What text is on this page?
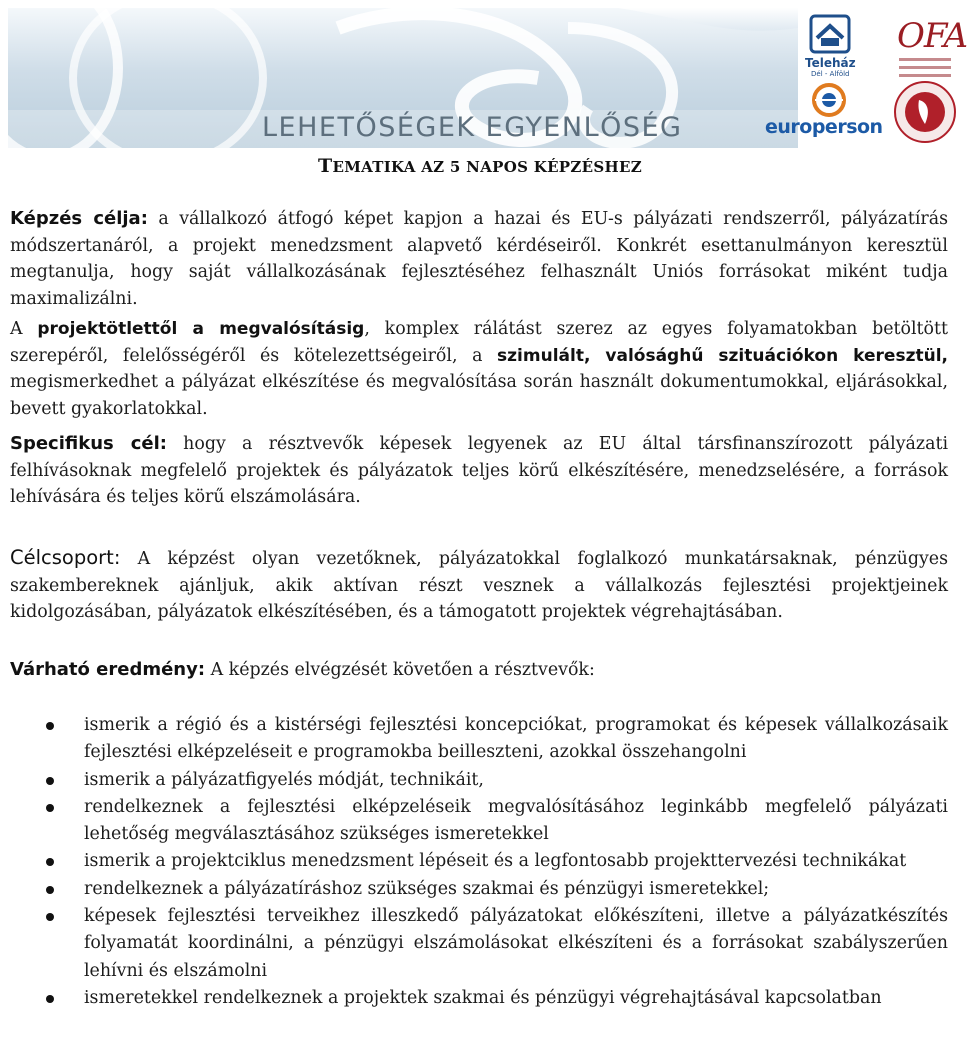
LEHETŐSÉGEK EGYENLŐSÉG
Teleház
Dél - Alföld
OFA
europerson
TEMATIKA AZ 5 NAPOS KÉPZÉSHEZ

Képzés célja: a vállalkozó átfogó képet kapjon a hazai és EU-s pályázati rendszerről, pályázatírás módszertanáról, a projekt menedzsment alapvető kérdéseiről. Konkrét esettanulmányon keresztül megtanulja, hogy saját vállalkozásának fejlesztéséhez felhasznált Uniós forrásokat miként tudja maximalizálni.

A projektötlettől a megvalósításig, komplex rálátást szerez az egyes folyamatokban betöltött szerepéről, felelősségéről és kötelezettségeiről, a szimulált, valósághű szituációkon keresztül, megismerkedhet a pályázat elkészítése és megvalósítása során használt dokumentumokkal, eljárásokkal, bevett gyakorlatokkal.

Specifikus cél: hogy a résztvevők képesek legyenek az EU által társfinanszírozott pályázati felhívásoknak megfelelő projektek és pályázatok teljes körű elkészítésére, menedzselésére, a források lehívására és teljes körű elszámolására.

Célcsoport: A képzést olyan vezetőknek, pályázatokkal foglalkozó munkatársaknak, pénzügyes szakembereknek ajánljuk, akik aktívan részt vesznek a vállalkozás fejlesztési projektjeinek kidolgozásában, pályázatok elkészítésében, és a támogatott projektek végrehajtásában.

Várható eredmény: A képzés elvégzését követően a résztvevők:

ismerik a régió és a kistérségi fejlesztési koncepciókat, programokat és képesek vállalkozásaik fejlesztési elképzeléseit e programokba beilleszteni, azokkal összehangolni
ismerik a pályázatfigyelés módját, technikáit,
rendelkeznek a fejlesztési elképzeléseik megvalósításához leginkább megfelelő pályázati lehetőség megválasztásához szükséges ismeretekkel
ismerik a projektciklus menedzsment lépéseit és a legfontosabb projekttervezési technikákat
rendelkeznek a pályázatíráshoz szükséges szakmai és pénzügyi ismeretekkel;
képesek fejlesztési terveikhez illeszkedő pályázatokat előkészíteni, illetve a pályázatkészítés folyamatát koordinálni, a pénzügyi elszámolásokat elkészíteni és a forrásokat szabályszerűen lehívni és elszámolni
ismeretekkel rendelkeznek a projektek szakmai és pénzügyi végrehajtásával kapcsolatban
